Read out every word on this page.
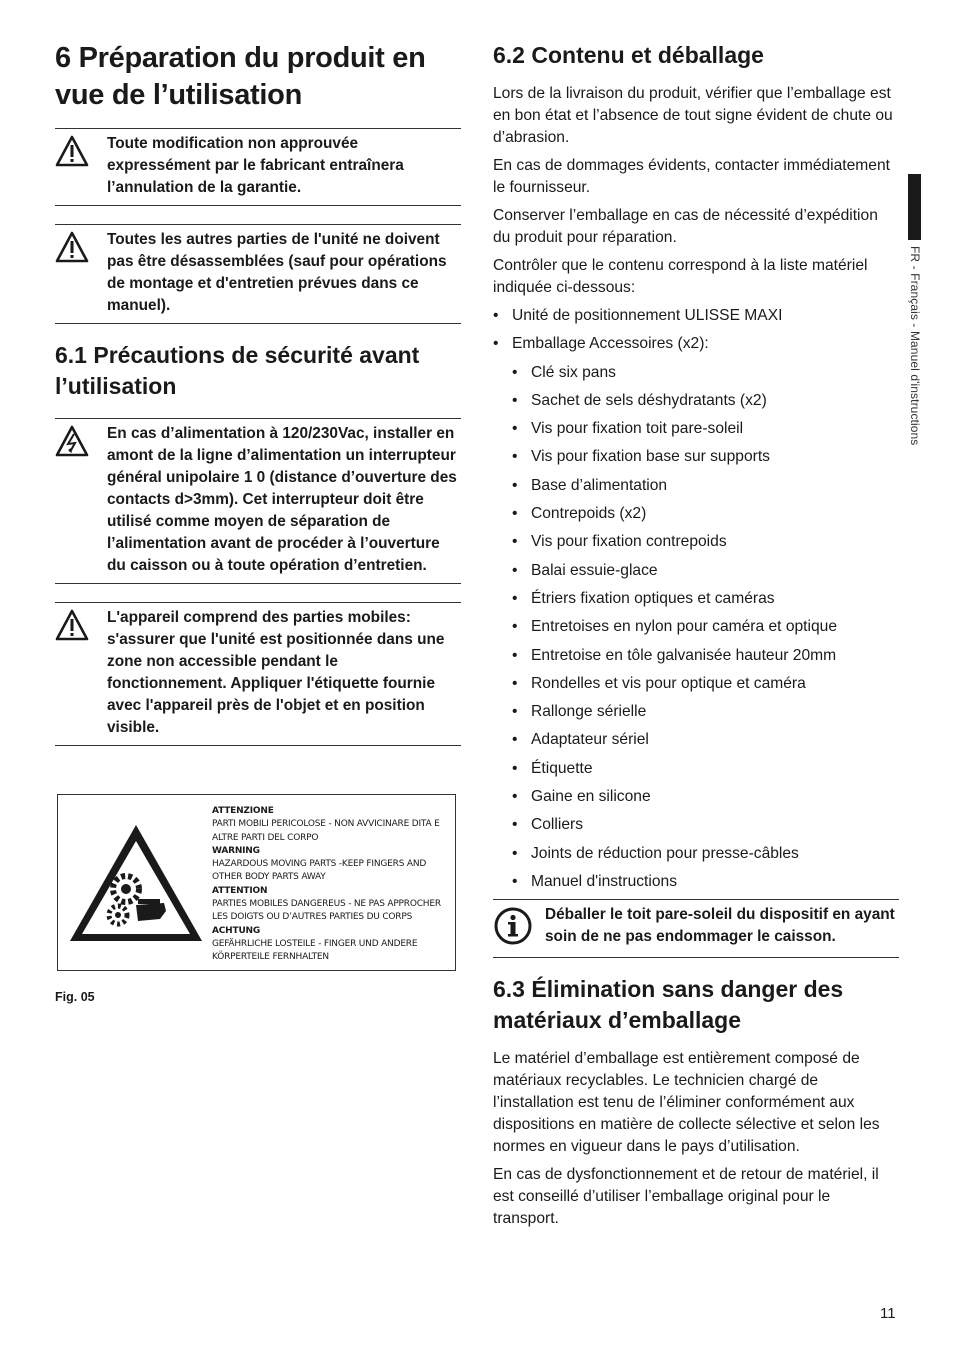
6 Préparation du produit en vue de l’utilisation

Toute modification non approuvée expressément par le fabricant entraînera l’annulation de la garantie.

Toutes les autres parties de l'unité ne doivent pas être désassemblées (sauf pour opérations de montage et d'entretien prévues dans ce manuel).

6.1 Précautions de sécurité avant l’utilisation

En cas d’alimentation à 120/230Vac, installer en amont de la ligne d’alimentation un interrupteur général unipolaire 1 0 (distance d’ouverture des contacts d>3mm). Cet interrupteur doit être utilisé comme moyen de séparation de l’alimentation avant de procéder à l’ouverture du caisson ou à toute opération d’entretien.

L'appareil comprend des parties mobiles: s'assurer que l'unité est positionnée dans une zone non accessible pendant le fonctionnement. Appliquer l'étiquette fournie avec l'appareil près de l'objet et en position visible.

ATTENZIONE
PARTI MOBILI PERICOLOSE - NON AVVICINARE DITA E
ALTRE PARTI DEL CORPO
WARNING
HAZARDOUS MOVING PARTS -KEEP FINGERS AND
OTHER BODY PARTS AWAY
ATTENTION
PARTIES MOBILES DANGEREUS - NE PAS APPROCHER
LES DOIGTS OU D’AUTRES PARTIES DU CORPS
ACHTUNG
GEFÄHRLICHE LOSTEILE - FINGER UND ANDERE
KÖRPERTEILE FERNHALTEN
Fig. 05
6.2 Contenu et déballage

Lors de la livraison du produit, vérifier que l’emballage est en bon état et l’absence de tout signe évident de chute ou d’abrasion.

En cas de dommages évidents, contacter immédiatement le fournisseur.

Conserver l’emballage en cas de nécessité d’expédition du produit pour réparation.

Contrôler que le contenu correspond à la liste matériel indiquée ci-dessous:

• Unité de positionnement ULISSE MAXI
• Emballage Accessoires (x2):
• Clé six pans
• Sachet de sels déshydratants (x2)
• Vis pour fixation toit pare-soleil
• Vis pour fixation base sur supports
• Base d’alimentation
• Contrepoids (x2)
• Vis pour fixation contrepoids
• Balai essuie-glace
• Étriers fixation optiques et caméras
• Entretoises en nylon pour caméra et optique
• Entretoise en tôle galvanisée hauteur 20mm
• Rondelles et vis pour optique et caméra
• Rallonge sérielle
• Adaptateur sériel
• Étiquette
• Gaine en silicone
• Colliers
• Joints de réduction pour presse-câbles
• Manuel d'instructions

Déballer le toit pare-soleil du dispositif en ayant soin de ne pas endommager le caisson.

6.3 Élimination sans danger des matériaux d’emballage

Le matériel d’emballage est entièrement composé de matériaux recyclables. Le technicien chargé de l’installation est tenu de l’éliminer conformément aux dispositions en matière de collecte sélective et selon les normes en vigueur dans le pays d’utilisation.

En cas de dysfonctionnement et de retour de matériel, il est conseillé d’utiliser l’emballage original pour le transport.

FR - Français - Manuel d'instructions
11
